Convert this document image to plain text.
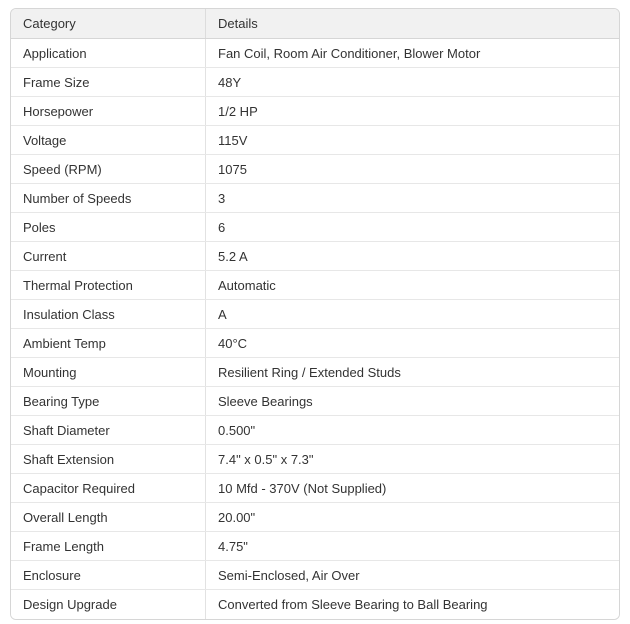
Category	Details
Application	Fan Coil, Room Air Conditioner, Blower Motor
Frame Size	48Y
Horsepower	1/2 HP
Voltage	115V
Speed (RPM)	1075
Number of Speeds	3
Poles	6
Current	5.2 A
Thermal Protection	Automatic
Insulation Class	A
Ambient Temp	40°C
Mounting	Resilient Ring / Extended Studs
Bearing Type	Sleeve Bearings
Shaft Diameter	0.500"
Shaft Extension	7.4" x 0.5" x 7.3"
Capacitor Required	10 Mfd - 370V (Not Supplied)
Overall Length	20.00"
Frame Length	4.75"
Enclosure	Semi-Enclosed, Air Over
Design Upgrade	Converted from Sleeve Bearing to Ball Bearing
